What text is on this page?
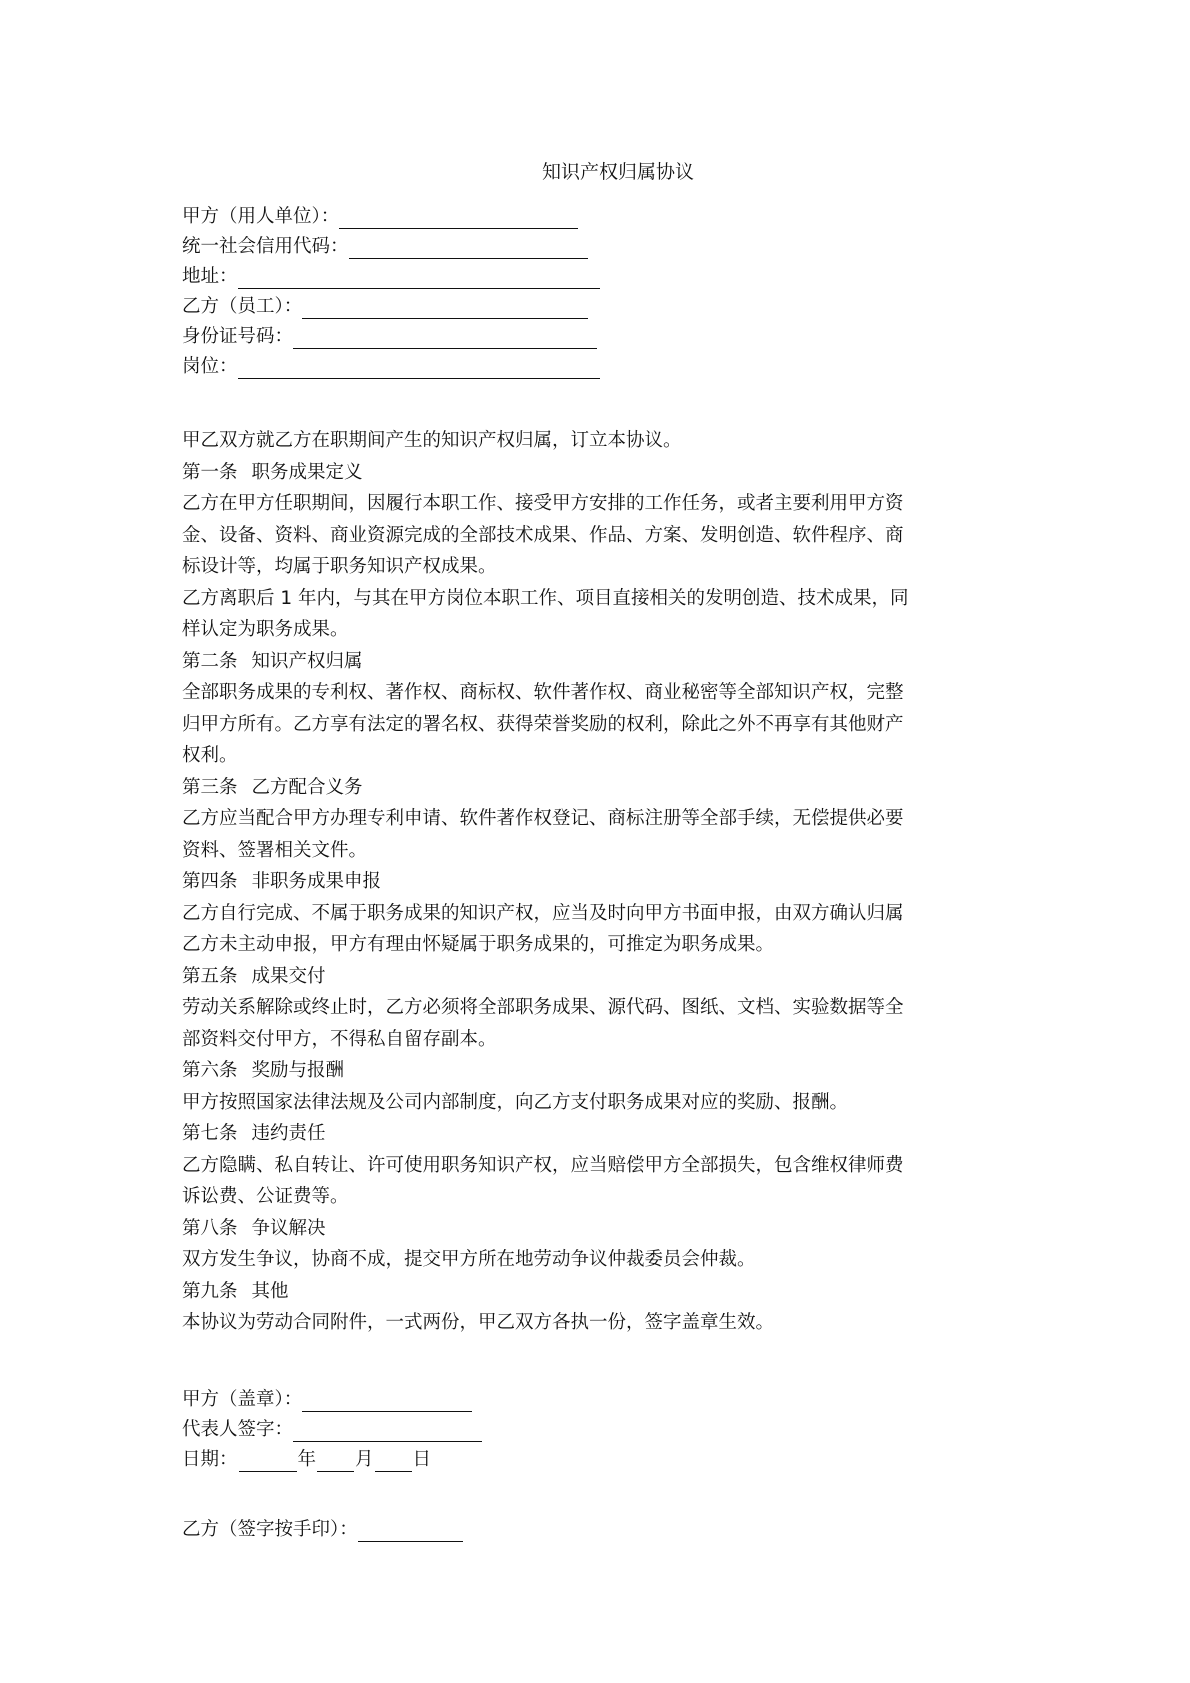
知识产权归属协议
甲方（用人单位）：
统一社会信用代码：
地址：
乙方（员工）：
身份证号码：
岗位：
甲乙双方就乙方在职期间产生的知识产权归属，订立本协议。
第一条 职务成果定义
乙方在甲方任职期间，因履行本职工作、接受甲方安排的工作任务，或者主要利用甲方资
金、设备、资料、商业资源完成的全部技术成果、作品、方案、发明创造、软件程序、商
标设计等，均属于职务知识产权成果。
乙方离职后 1 年内，与其在甲方岗位本职工作、项目直接相关的发明创造、技术成果，同
样认定为职务成果。
第二条 知识产权归属
全部职务成果的专利权、著作权、商标权、软件著作权、商业秘密等全部知识产权，完整
归甲方所有。乙方享有法定的署名权、获得荣誉奖励的权利，除此之外不再享有其他财产
权利。
第三条 乙方配合义务
乙方应当配合甲方办理专利申请、软件著作权登记、商标注册等全部手续，无偿提供必要
资料、签署相关文件。
第四条 非职务成果申报
乙方自行完成、不属于职务成果的知识产权，应当及时向甲方书面申报，由双方确认归属
乙方未主动申报，甲方有理由怀疑属于职务成果的，可推定为职务成果。
第五条 成果交付
劳动关系解除或终止时，乙方必须将全部职务成果、源代码、图纸、文档、实验数据等全
部资料交付甲方，不得私自留存副本。
第六条 奖励与报酬
甲方按照国家法律法规及公司内部制度，向乙方支付职务成果对应的奖励、报酬。
第七条 违约责任
乙方隐瞒、私自转让、许可使用职务知识产权，应当赔偿甲方全部损失，包含维权律师费
诉讼费、公证费等。
第八条 争议解决
双方发生争议，协商不成，提交甲方所在地劳动争议仲裁委员会仲裁。
第九条 其他
本协议为劳动合同附件，一式两份，甲乙双方各执一份，签字盖章生效。
甲方（盖章）：
代表人签字：
日期：	年 月 日
乙方（签字按手印）：
